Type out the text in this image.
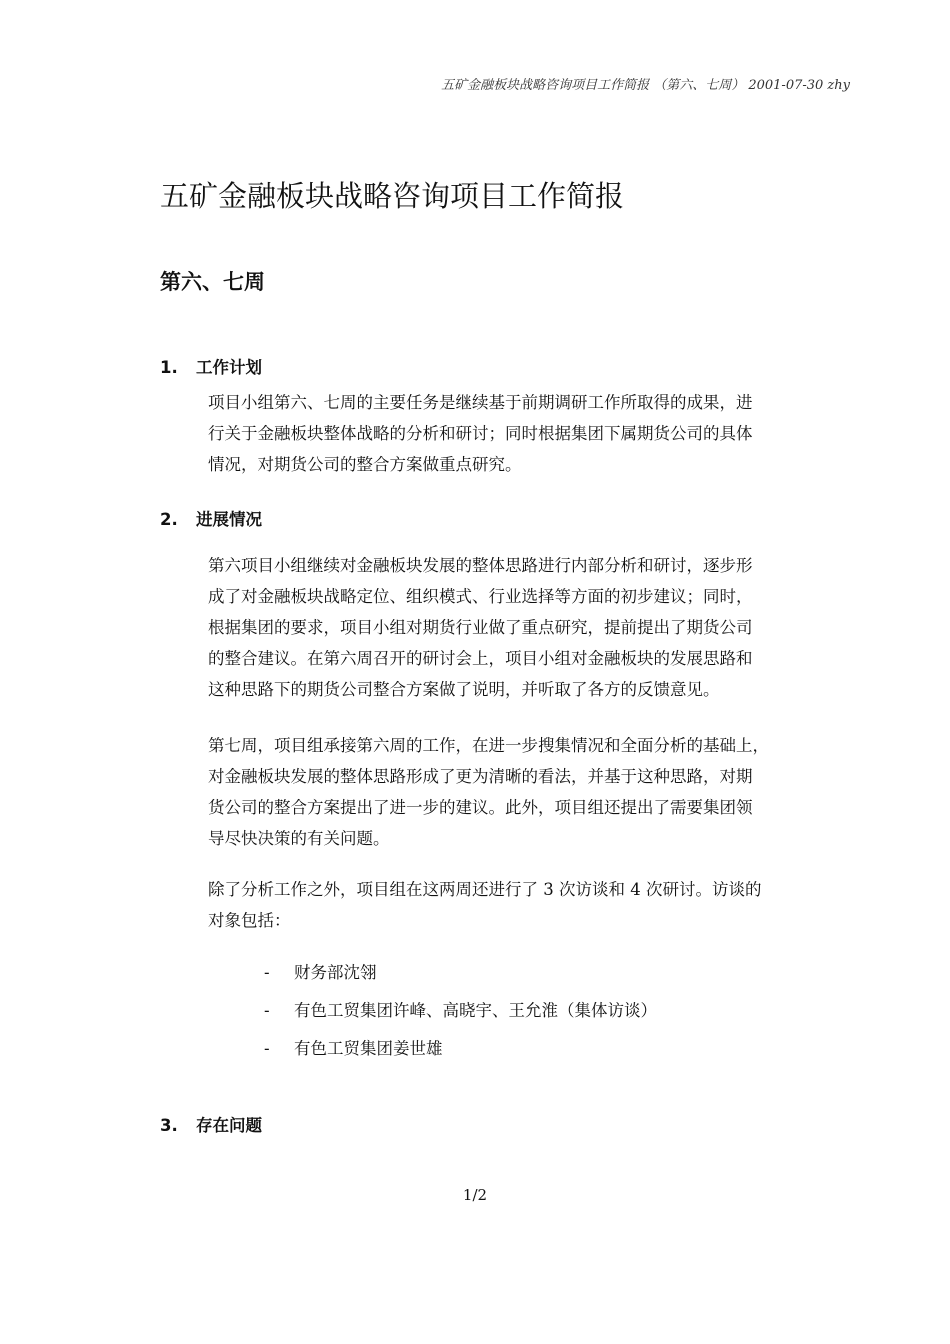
五矿金融板块战略咨询项目工作简报 （第六、七周） 2001-07-30 zhy
五矿金融板块战略咨询项目工作简报
第六、七周
1. 工作计划

项目小组第六、七周的主要任务是继续基于前期调研工作所取得的成果，进
行关于金融板块整体战略的分析和研讨；同时根据集团下属期货公司的具体
情况，对期货公司的整合方案做重点研究。

2. 进展情况

第六项目小组继续对金融板块发展的整体思路进行内部分析和研讨，逐步形
成了对金融板块战略定位、组织模式、行业选择等方面的初步建议；同时，
根据集团的要求，项目小组对期货行业做了重点研究，提前提出了期货公司
的整合建议。在第六周召开的研讨会上，项目小组对金融板块的发展思路和
这种思路下的期货公司整合方案做了说明，并听取了各方的反馈意见。

第七周，项目组承接第六周的工作，在进一步搜集情况和全面分析的基础上，
对金融板块发展的整体思路形成了更为清晰的看法，并基于这种思路，对期
货公司的整合方案提出了进一步的建议。此外，项目组还提出了需要集团领
导尽快决策的有关问题。

除了分析工作之外，项目组在这两周还进行了 3 次访谈和 4 次研讨。访谈的
对象包括：

- 财务部沈翎
- 有色工贸集团许峰、高晓宇、王允淮（集体访谈）
- 有色工贸集团姜世雄
3. 存在问题
1/2
